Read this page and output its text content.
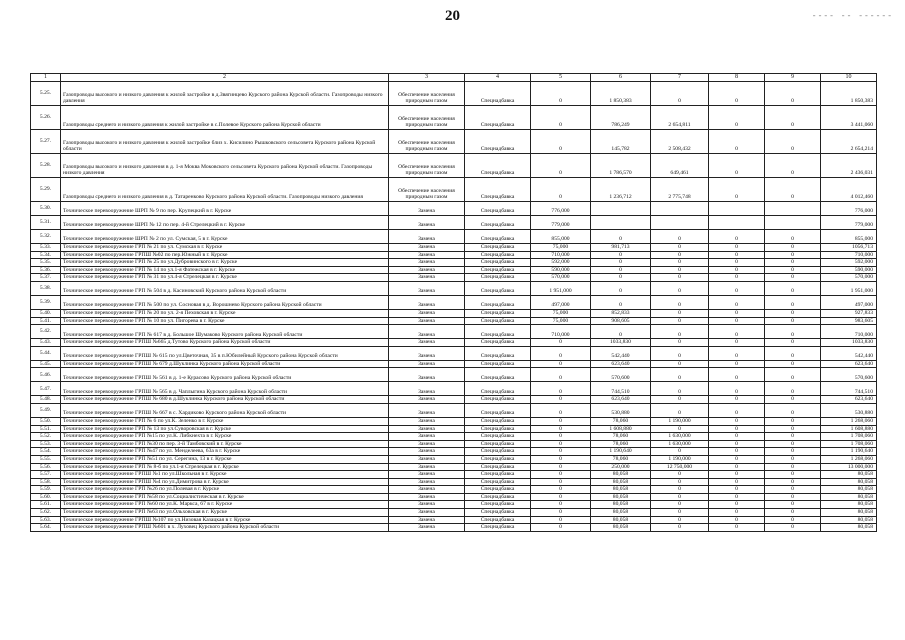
20	---- -- ------
1	2	3	4	5	6	7	8	9	10
5.25.	Газопроводы высокого и низкого давления к жилой застройке в д.Звягинцево Курского района Курской области. Газопроводы низкого давления	Обеспечение населения природным газом	Спецнадбавка	0	1 850,383	0	0	0	1 850,383
5.26.	Газопроводы среднего и низкого давления к жилой застройке в с.Полевое Курского района Курской области	Обеспечение населения природным газом	Спецнадбавка	0	786,249	2 654,811	0	0	3 441,060
5.27.	Газопроводы высокого и низкого давления к жилой застройке близ х. Кисилино Рышковского сельсовета Курского района Курской области	Обеспечение населения природным газом	Спецнадбавка	0	145,782	2 508,432	0	0	2 654,214
5.28.	Газопроводы высокого и низкого давления в д. 1-я Моква Моковского сельсовета Курского района Курской области. Газопроводы низкого давления	Обеспечение населения природным газом	Спецнадбавка	0	1 786,570	649,461	0	0	2 436,031
5.29.	Газопроводы среднего и низкого давления в д. Татаренково Курского района Курской области. Газопроводы низкого давления	Обеспечение населения природным газом	Спецнадбавка	0	1 236,712	2 775,748	0	0	4 012,460
5.30.	Техническое перевооружение ШРП № 9 по пер. Крупецкий в г. Курске	Замена	Спецнадбавка	776,000					776,000
5.31.	Техническое перевооружение ШРП № 12 по пер. 4-й Стрелецкий в г. Курске	Замена	Спецнадбавка	779,000					779,000
5.32.	Техническое перевооружение ШРП № 2 по ул. Сумская, 5 в г. Курске	Замена	Спецнадбавка	855,000	0	0	0	0	855,000
5.33.	Техническое перевооружение ГРП № 21 по ул. Сумская в г. Курске	Замена	Спецнадбавка	75,000	981,713	0	0	0	1056,713
5.34.	Техническое перевооружение ГРПШ №02 по пер.Южный в г. Курске	Замена	Спецнадбавка	710,000	0	0	0	0	710,000
5.35.	Техническое перевооружение ГРП № 25 по ул.Дубровинского в г. Курске	Замена	Спецнадбавка	592,000	0	0	0	0	592,000
5.36.	Техническое перевооружение ГРП № 14 по ул.1-я Фатежская в г. Курске	Замена	Спецнадбавка	590,000	0	0	0	0	590,000
5.37.	Техническое перевооружение ГРП № 31 по ул.4-я Стрелецкая в г. Курске	Замена	Спецнадбавка	570,000	0	0	0	0	570,000
5.38.	Техническое перевооружение ГРП № 504 в д. Касиновский Курского района Курской области	Замена	Спецнадбавка	1 951,000	0	0	0	0	1 951,000
5.39.	Техническое перевооружение ГРП № 500 по ул. Сосновая в д. Ворошнево Курского района Курской области	Замена	Спецнадбавка	497,000	0	0	0	0	497,000
5.40.	Техническое перевооружение ГРП № 20 по ул. 2-я Пеховская в г. Курске	Замена	Спецнадбавка	75,000	852,833	0	0	0	927,833
5.41.	Техническое перевооружение ГРП № 10 по ул. Пигорева в г. Курске	Замена	Спецнадбавка	75,000	908,605	0	0	0	983,605
5.42.	Техническое перевооружение ГРП № 617 в д. Большое Шумаково Курского района Курской области	Замена	Спецнадбавка	710,000	0	0	0	0	710,000
5.43.	Техническое перевооружение ГРПШ №665 д.Тутово Курского района Курской области	Замена	Спецнадбавка	0	1033,830	0	0	0	1033,830
5.44.	Техническое перевооружение ГРПШ № 615 по ул.Цветочная, 35 в п.Юбилейный Курского района Курской области	Замена	Спецнадбавка	0	542,440	0	0	0	542,440
5.45.	Техническое перевооружение ГРПШ № 679 д.Шуклинка Курского района Курской области	Замена	Спецнадбавка	0	623,640	0	0	0	623,640
5.46.	Техническое перевооружение ГРПШ № 561 в д. 1-е Курасово Курского района Курской области	Замена	Спецнадбавка	0	570,600	0	0	0	570,600
5.47.	Техническое перевооружение ГРПШ № 565 в д. Чаплыгина Курского района Курской области	Замена	Спецнадбавка	0	744,510	0	0	0	744,510
5.48.	Техническое перевооружение ГРПШ № 680 в д.Шуклинка Курского района Курской области	Замена	Спецнадбавка	0	623,640	0	0	0	623,640
5.49.	Техническое перевооружение ГРПШ № 667 в с. Хардиково Курского района Курской области	Замена	Спецнадбавка	0	530,880	0	0	0	530,880
5.50.	Техническое перевооружение ГРП № 6 по ул.К. Зеленко в г. Курске	Замена	Спецнадбавка	0	78,060	1 190,000	0	0	1 268,060
5.51.	Техническое перевооружение ГРП № 13 по ул.Суворовская в г. Курске	Замена	Спецнадбавка	0	1 608,880	0	0	0	1 608,880
5.52.	Техническое перевооружение ГРП №15 по ул.К. Либкнехта в г. Курске	Замена	Спецнадбавка	0	78,060	1 630,000	0	0	1 708,060
5.53.	Техническое перевооружение ГРП №30 по пер. 3-й Тамбовский в г. Курске	Замена	Спецнадбавка	0	78,060	1 630,000	0	0	1 708,060
5.54.	Техническое перевооружение ГРП №47 по ул. Менделеева, 63а в г. Курске	Замена	Спецнадбавка	0	1 190,640	0	0	0	1 190,640
5.55.	Техническое перевооружение ГРП №51 по ул. Серегина, 13 в г. Курске	Замена	Спецнадбавка	0	78,060	1 190,000	0	0	1 268,060
5.56.	Техническое перевооружение ГРП № 8-б по ул.1-я Стрелецкая в г. Курске	Замена	Спецнадбавка	0	250,000	12 750,000	0	0	13 000,000
5.57.	Техническое перевооружение ГРПШ №1 по ул.Школьная в г. Курске	Замена	Спецнадбавка	0	80,058	0	0	0	80,058
5.58.	Техническое перевооружение ГРПШ №4 по ул.Димитрова в г. Курске	Замена	Спецнадбавка	0	80,058	0	0	0	80,058
5.59.	Техническое перевооружение ГРП №26 по ул.Полевая в г. Курске	Замена	Спецнадбавка	0	80,058	0	0	0	80,058
5.60.	Техническое перевооружение ГРП №58 по ул.Социалистическая в г. Курске	Замена	Спецнадбавка	0	80,058	0	0	0	80,058
5.61.	Техническое перевооружение ГРП №60 по ул.К. Маркса, 67 в г. Курске	Замена	Спецнадбавка	0	80,058	0	0	0	80,058
5.62.	Техническое перевооружение ГРП №63 по ул.Ольховская в г. Курске	Замена	Спецнадбавка	0	80,058	0	0	0	80,058
5.63.	Техническое перевооружение ГРПШ №107 по ул.Низовая Казацкая в г. Курске	Замена	Спецнадбавка	0	80,058	0	0	0	80,058
5.64.	Техническое перевооружение ГРПШ №601 в х. Луховец Курского района Курской области	Замена	Спецнадбавка	0	80,058	0	0	0	80,058
